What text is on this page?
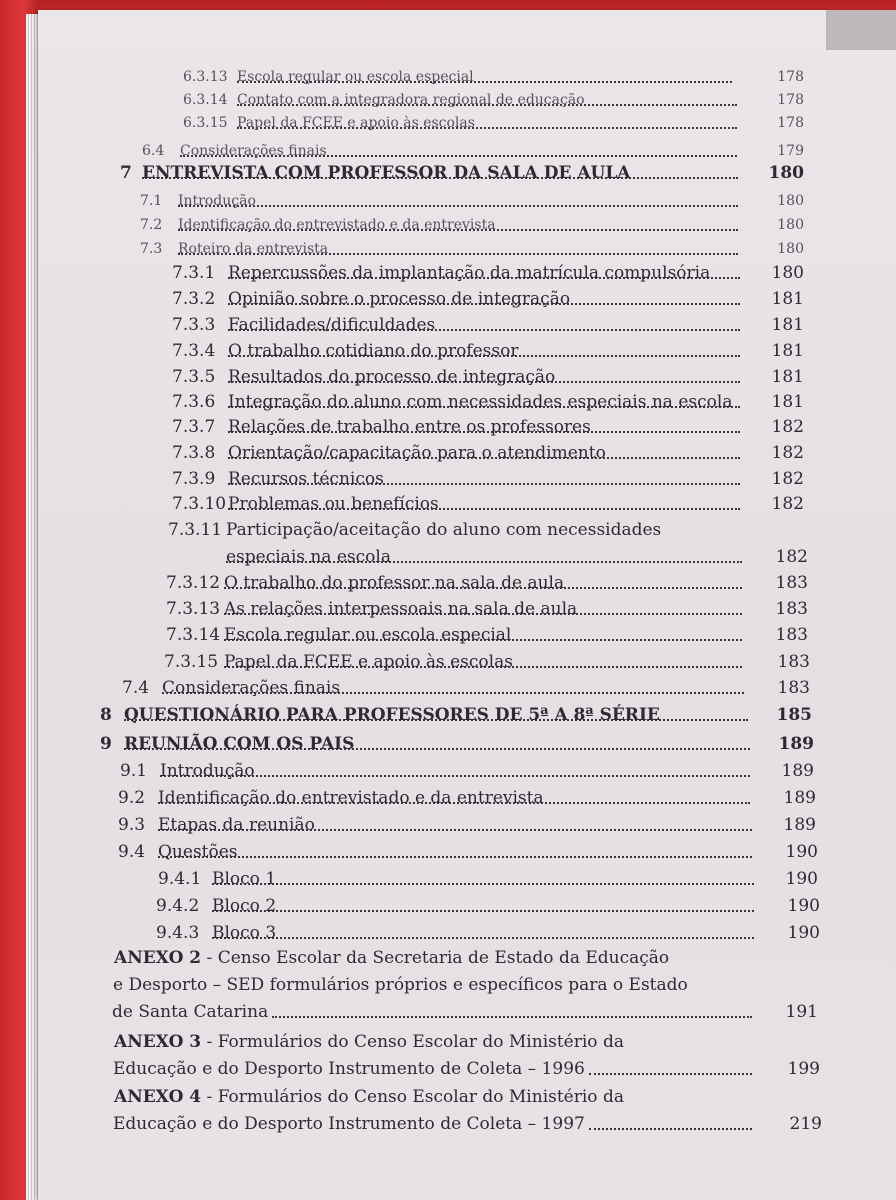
6.3.13 Escola regular ou escola especial	178
6.3.14 Contato com a integradora regional de educação	178
6.3.15 Papel da FCEE e apoio às escolas	178
6.4 Considerações finais	179
7 ENTREVISTA COM PROFESSOR DA SALA DE AULA	180
7.1 Introdução	180
7.2 Identificação do entrevistado e da entrevista	180
7.3 Roteiro da entrevista	180
7.3.1 Repercussões da implantação da matrícula compulsória	180
7.3.2 Opinião sobre o processo de integração	181
7.3.3 Facilidades/dificuldades	181
7.3.4 O trabalho cotidiano do professor	181
7.3.5 Resultados do processo de integração	181
7.3.6 Integração do aluno com necessidades especiais na escola	181
7.3.7 Relações de trabalho entre os professores	182
7.3.8 Orientação/capacitação para o atendimento	182
7.3.9 Recursos técnicos	182
7.3.10 Problemas ou benefícios	182
7.3.11 Participação/aceitação do aluno com necessidades
especiais na escola	182
7.3.12 O trabalho do professor na sala de aula	183
7.3.13 As relações interpessoais na sala de aula	183
7.3.14 Escola regular ou escola especial	183
7.3.15 Papel da FCEE e apoio às escolas	183
7.4 Considerações finais	183
8 QUESTIONÁRIO PARA PROFESSORES DE 5ª A 8ª SÉRIE	185
9 REUNIÃO COM OS PAIS	189
9.1 Introdução	189
9.2 Identificação do entrevistado e da entrevista	189
9.3 Etapas da reunião	189
9.4 Questões	190
9.4.1 Bloco 1	190
9.4.2 Bloco 2	190
9.4.3 Bloco 3	190
ANEXO 2 - Censo Escolar da Secretaria de Estado da Educação
e Desporto – SED formulários próprios e específicos para o Estado
de Santa Catarina	191
ANEXO 3 - Formulários do Censo Escolar do Ministério da
Educação e do Desporto Instrumento de Coleta – 1996	199
ANEXO 4 - Formulários do Censo Escolar do Ministério da
Educação e do Desporto Instrumento de Coleta – 1997	219
